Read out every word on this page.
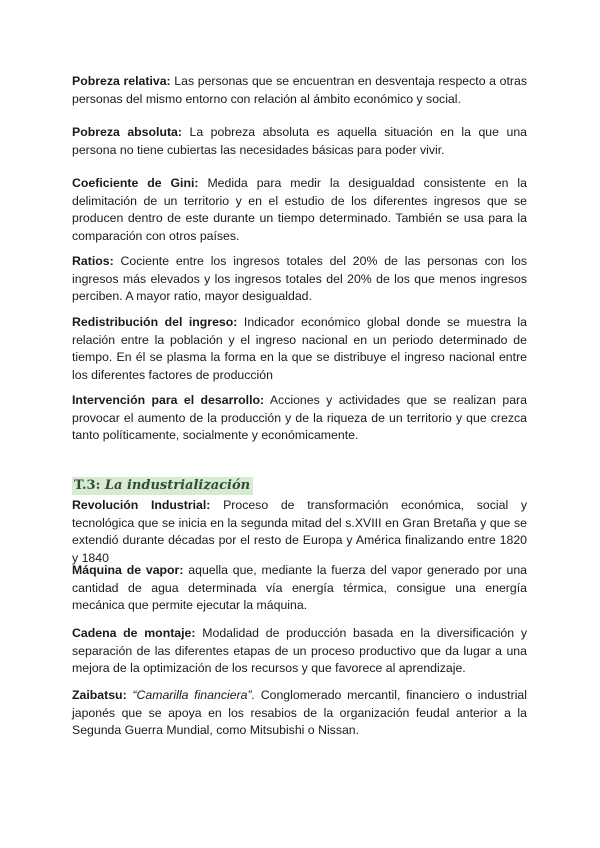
Pobreza relativa: Las personas que se encuentran en desventaja respecto a otras personas del mismo entorno con relación al ámbito económico y social.

Pobreza absoluta: La pobreza absoluta es aquella situación en la que una persona no tiene cubiertas las necesidades básicas para poder vivir.

Coeficiente de Gini: Medida para medir la desigualdad consistente en la delimitación de un territorio y en el estudio de los diferentes ingresos que se producen dentro de este durante un tiempo determinado. También se usa para la comparación con otros países.

Ratios: Cociente entre los ingresos totales del 20% de las personas con los ingresos más elevados y los ingresos totales del 20% de los que menos ingresos perciben. A mayor ratio, mayor desigualdad.

Redistribución del ingreso: Indicador económico global donde se muestra la relación entre la población y el ingreso nacional en un periodo determinado de tiempo. En él se plasma la forma en la que se distribuye el ingreso nacional entre los diferentes factores de producción

Intervención para el desarrollo: Acciones y actividades que se realizan para provocar el aumento de la producción y de la riqueza de un territorio y que crezca tanto políticamente, socialmente y económicamente.

T.3: La industrialización

Revolución Industrial: Proceso de transformación económica, social y tecnológica que se inicia en la segunda mitad del s.XVIII en Gran Bretaña y que se extendió durante décadas por el resto de Europa y América finalizando entre 1820 y 1840

Máquina de vapor: aquella que, mediante la fuerza del vapor generado por una cantidad de agua determinada vía energía térmica, consigue una energía mecánica que permite ejecutar la máquina.

Cadena de montaje: Modalidad de producción basada en la diversificación y separación de las diferentes etapas de un proceso productivo que da lugar a una mejora de la optimización de los recursos y que favorece al aprendizaje.

Zaibatsu: “Camarilla financiera”. Conglomerado mercantil, financiero o industrial japonés que se apoya en los resabios de la organización feudal anterior a la Segunda Guerra Mundial, como Mitsubishi o Nissan.
